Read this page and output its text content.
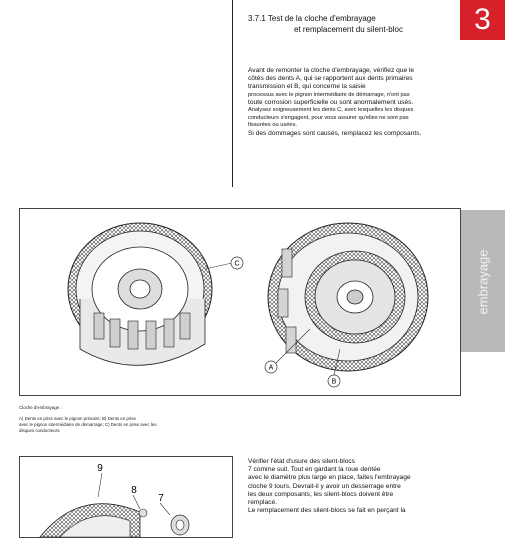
3.7.1 Test de la cloche d'embrayage
et remplacement du silent-bloc	3
embrayage

Avant de remonter la cloche d'embrayage, vérifiez que le

côtés des dents A, qui se rapportent aux dents primaires

transmission et B, qui concerne la saisie

processus avec le pignon intermédiaire de démarrage, n'ont pas

toute corrosion superficielle ou sont anormalement usés.

Analysez soigneusement les dents C, avec lesquelles les disques

conducteurs s'engagent, pour vous assurer qu'elles ne sont pas

fissurées ou usées.

Si des dommages sont causés, remplacez les composants.

C
A
B
Cloche d'embrayage :
A) Dents en prise avec le pignon primaire; B) Dents en prise
avec le pignon intermédiaire de démarrage; C) Dents en prise avec les
disques conducteurs.
9
8
7

Vérifier l'état d'usure des silent-blocs

7 comme suit. Tout en gardant la roue dentée

avec le diamètre plus large en place, faites l'embrayage

cloche 9 tours. Devrait-il y avoir un desserrage entre

les deux composants, les silent-blocs doivent être

remplacé.

Le remplacement des silent-blocs se fait en perçant la
